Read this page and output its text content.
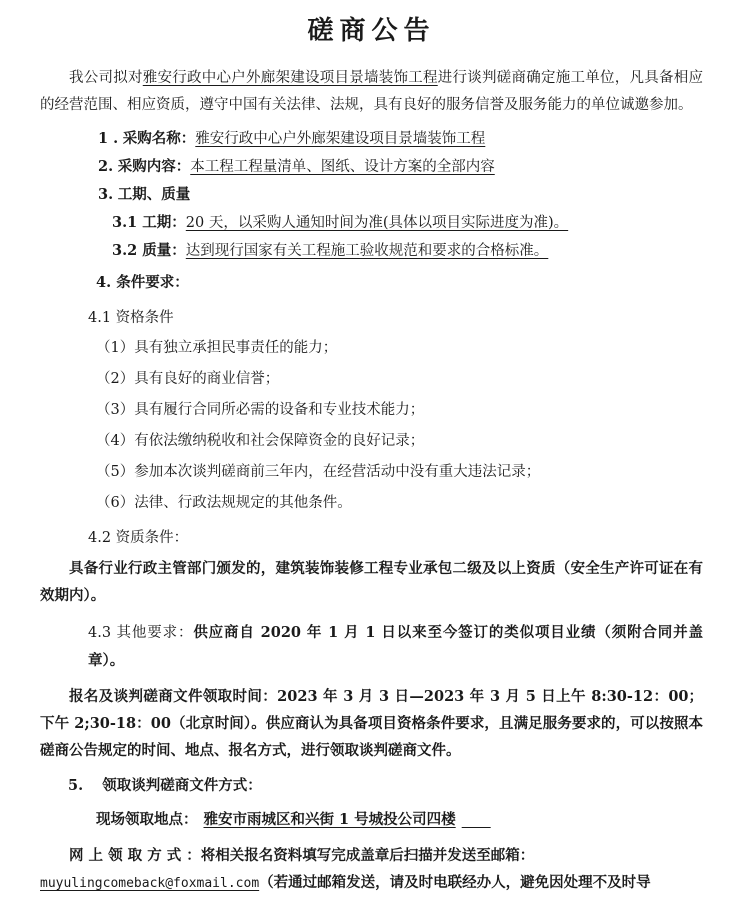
磋商公告

我公司拟对雅安行政中心户外廊架建设项目景墙装饰工程进行谈判磋商确定施工单位，凡具备相应的经营范围、相应资质，遵守中国有关法律、法规，具有良好的服务信誉及服务能力的单位诚邀参加。

1 . 采购名称：雅安行政中心户外廊架建设项目景墙装饰工程
2. 采购内容：本工程工程量清单、图纸、设计方案的全部内容
3. 工期、质量
3.1 工期：20 天，以采购人通知时间为准(具体以项目实际进度为准)。
3.2 质量：达到现行国家有关工程施工验收规范和要求的合格标准。
4. 条件要求：
4.1 资格条件
（1）具有独立承担民事责任的能力；
（2）具有良好的商业信誉；
（3）具有履行合同所必需的设备和专业技术能力；
（4）有依法缴纳税收和社会保障资金的良好记录；
（5）参加本次谈判磋商前三年内，在经营活动中没有重大违法记录；
（6）法律、行政法规规定的其他条件。
4.2 资质条件：

具备行业行政主管部门颁发的，建筑装饰装修工程专业承包二级及以上资质（安全生产许可证在有效期内）。

4.3 其他要求：供应商自 2020 年 1 月 1 日以来至今签订的类似项目业绩（须附合同并盖章）。

报名及谈判磋商文件领取时间：2023 年 3 月 3 日—2023 年 3 月 5 日上午 8:30-12：00；下午 2;30-18：00（北京时间）。供应商认为具备项目资格条件要求，且满足服务要求的，可以按照本磋商公告规定的时间、地点、报名方式，进行领取谈判磋商文件。

5. 领取谈判磋商文件方式：
现场领取地点： 雅安市雨城区和兴街 1 号城投公司四楼　　

网 上 领 取 方 式 ：将相关报名资料填写完成盖章后扫描并发送至邮箱：

muyulingcomeback@foxmail.com（若通过邮箱发送，请及时电联经办人，避免因处理不及时导
